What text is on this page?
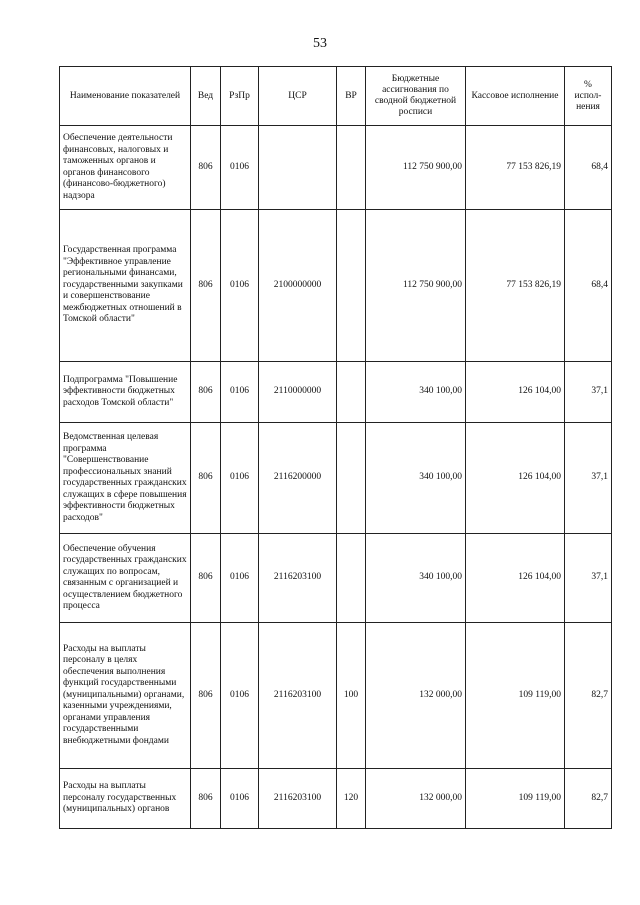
53
Наименование показателей	Вед	РзПр	ЦСР	ВР	Бюджетные ассигнования по сводной бюджетной росписи	Кассовое исполнение	%
испол-нения
Обеспечение деятельности финансовых, налоговых и таможенных органов и органов финансового (финансово-бюджетного) надзора	806	0106			112 750 900,00	77 153 826,19	68,4
Государственная программа "Эффективное управление региональными финансами, государственными закупками и совершенствование межбюджетных отношений в Томской области"	806	0106	2100000000		112 750 900,00	77 153 826,19	68,4
Подпрограмма "Повышение эффективности бюджетных расходов Томской области"	806	0106	2110000000		340 100,00	126 104,00	37,1
Ведомственная целевая программа "Совершенствование профессиональных знаний государственных гражданских служащих в сфере повышения эффективности бюджетных расходов"	806	0106	2116200000		340 100,00	126 104,00	37,1
Обеспечение обучения государственных гражданских служащих по вопросам, связанным с организацией и осуществлением бюджетного процесса	806	0106	2116203100		340 100,00	126 104,00	37,1
Расходы на выплаты персоналу в целях обеспечения выполнения функций государственными (муниципальными) органами, казенными учреждениями, органами управления государственными внебюджетными фондами	806	0106	2116203100	100	132 000,00	109 119,00	82,7
Расходы на выплаты персоналу государственных (муниципальных) органов	806	0106	2116203100	120	132 000,00	109 119,00	82,7
